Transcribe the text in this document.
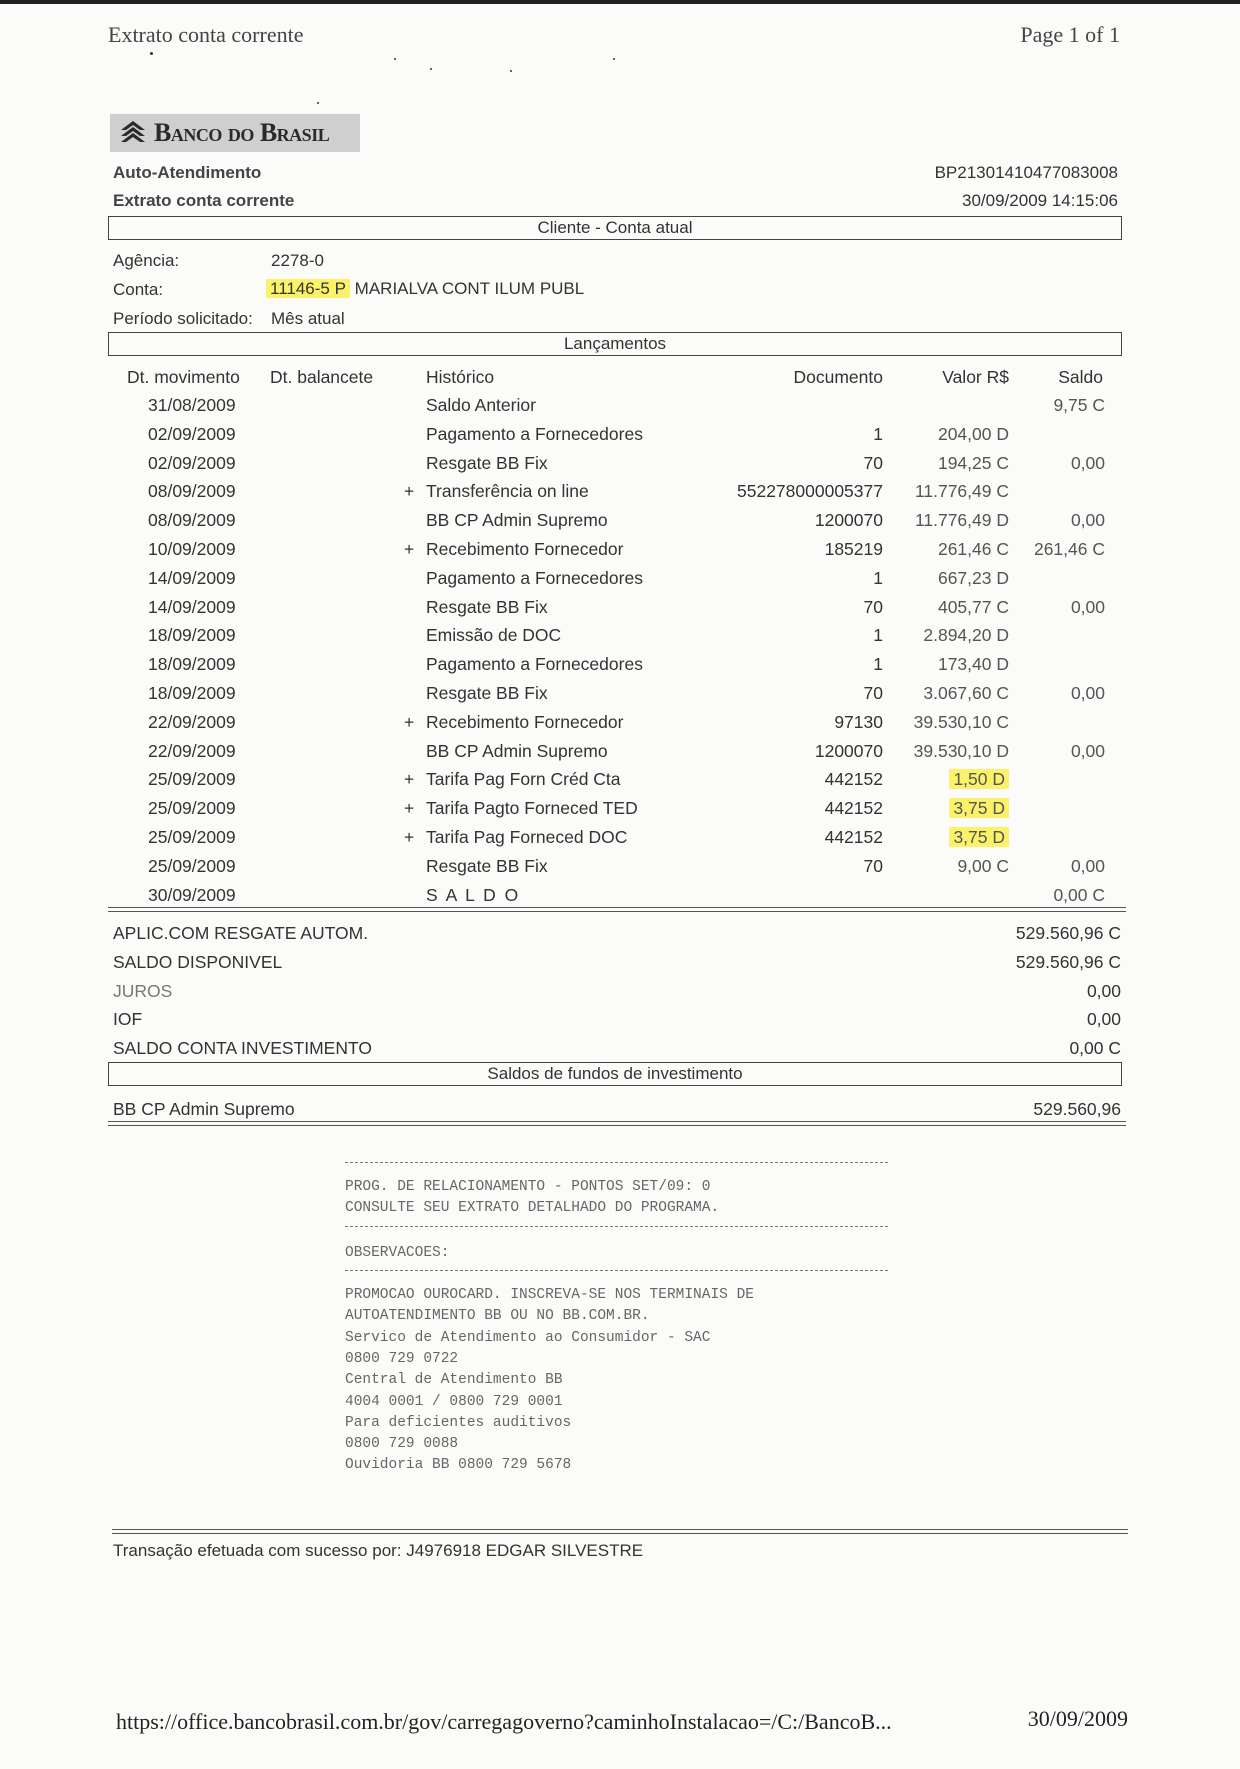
Extrato conta corrente	Page 1 of 1
Banco do Brasil
Auto-Atendimento
Extrato conta corrente
BP21301410477083008
30/09/2009 14:15:06
Cliente - Conta atual
Agência:	2278-0
Conta:	11146-5 P MARIALVA CONT ILUM PUBL
Período solicitado: Mês atual
Lançamentos
Dt. movimento Dt. balancete	Histórico	Documento	Valor R$	Saldo
31/08/2009	Saldo Anterior	9,75 C
02/09/2009	Pagamento a Fornecedores	1	204,00 D
02/09/2009	Resgate BB Fix	70	194,25 C	0,00
08/09/2009	+ Transferência on line	552278000005377 11.776,49 C
08/09/2009	BB CP Admin Supremo	1200070 11.776,49 D	0,00
10/09/2009	+ Recebimento Fornecedor	185219	261,46 C 261,46 C
14/09/2009	Pagamento a Fornecedores	1	667,23 D
14/09/2009	Resgate BB Fix	70	405,77 C	0,00
18/09/2009	Emissão de DOC	1 2.894,20 D
18/09/2009	Pagamento a Fornecedores	1	173,40 D
18/09/2009	Resgate BB Fix	70 3.067,60 C	0,00
22/09/2009	+ Recebimento Fornecedor	97130 39.530,10 C
22/09/2009	BB CP Admin Supremo	1200070 39.530,10 D	0,00
25/09/2009	+ Tarifa Pag Forn Créd Cta	442152	1,50 D
25/09/2009	+ Tarifa Pagto Forneced TED	442152	3,75 D
25/09/2009	+ Tarifa Pag Forneced DOC	442152	3,75 D
25/09/2009	Resgate BB Fix	70	9,00 C	0,00
30/09/2009	S A L D O	0,00 C
APLIC.COM RESGATE AUTOM.	529.560,96 C
SALDO DISPONIVEL	529.560,96 C
JUROS	0,00
IOF	0,00
SALDO CONTA INVESTIMENTO	0,00 C
Saldos de fundos de investimento
BB CP Admin Supremo	529.560,96
PROG. DE RELACIONAMENTO - PONTOS SET/09: 0
CONSULTE SEU EXTRATO DETALHADO DO PROGRAMA.
OBSERVACOES:
PROMOCAO OUROCARD. INSCREVA-SE NOS TERMINAIS DE
AUTOATENDIMENTO BB OU NO BB.COM.BR.
Servico de Atendimento ao Consumidor - SAC
0800 729 0722
Central de Atendimento BB
4004 0001 / 0800 729 0001
Para deficientes auditivos
0800 729 0088
Ouvidoria BB 0800 729 5678
Transação efetuada com sucesso por: J4976918 EDGAR SILVESTRE
https://office.bancobrasil.com.br/gov/carregagoverno?caminhoInstalacao=/C:/BancoB...	30/09/2009
